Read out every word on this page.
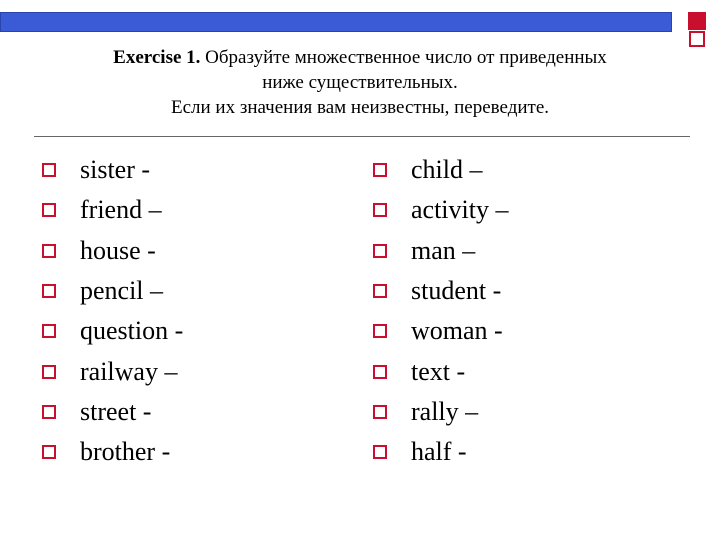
Exercise 1. Образуйте множественное число от приведенных
ниже существительных.
Если их значения вам неизвестны, переведите.
sister -
friend –
house -
pencil –
question -
railway –
street -
brother -
child –
activity –
man –
student -
woman -
text -
rally –
half -
